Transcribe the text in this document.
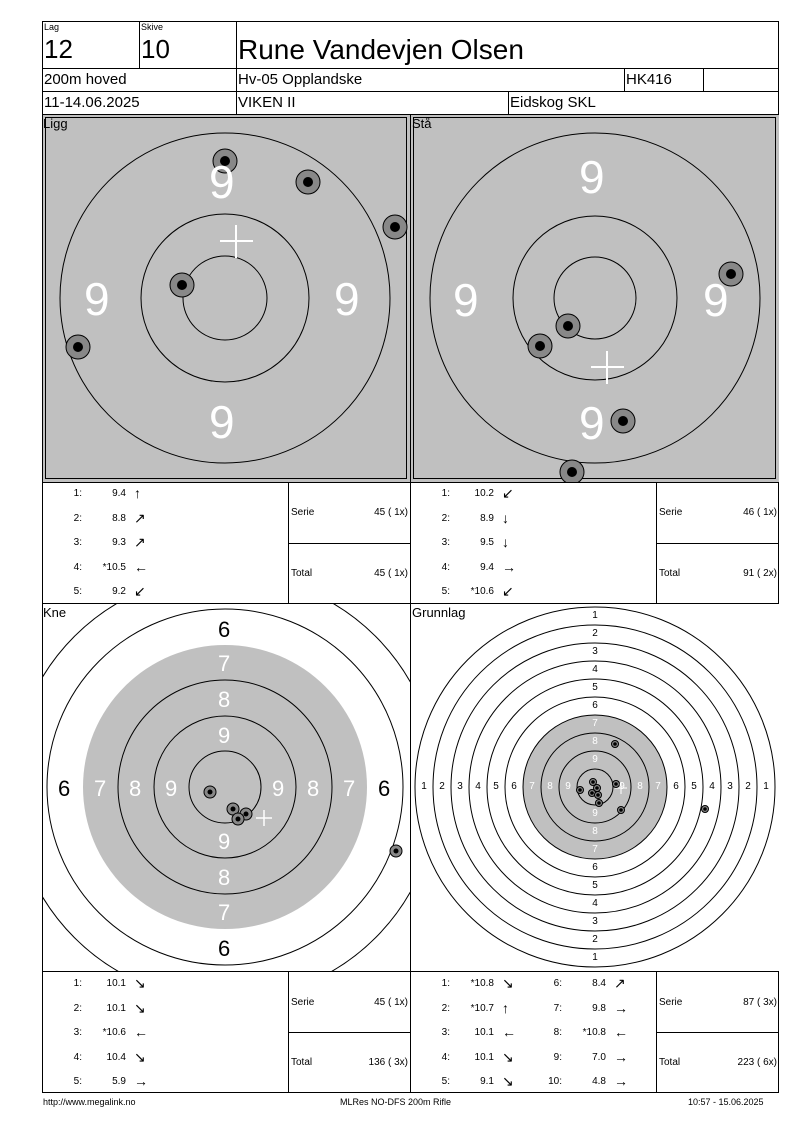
Lag
12
Skive
10 Rune Vandevjen Olsen
200m hoved	Hv-05 Opplandske	HK416
11-14.06.2025	VIKEN II	Eidskog SKL
Ligg
9
9	9
9
Stå
9
9	9
9
Kne
6
7
8
9
9
8
7
6
6 7 8 9	9 8 7 6
Grunnlag	1
1
1	1
2
2
2	2
3
3
3	3
4
4
4	4
5
5
5	5
6
6
6	6
7
7
7	7
8
8
8	8
9
9
9	9
1:	9.4 ↑
2:	8.8 ↗
3:	9.3 ↗
4:	*10.5 ←
5:	9.2 ↙
Serie	45 ( 1x)
Total	45 ( 1x)
1:	10.2 ↙
2:	8.9 ↓
3:	9.5 ↓
4:	9.4 →
5:	*10.6 ↙
Serie	46 ( 1x)
Total	91 ( 2x)
1:	10.1 ↘
2:	10.1 ↘
3:	*10.6 ←
4:	10.4 ↘
5:	5.9 →
Serie	45 ( 1x)
Total	136 ( 3x)
1:	*10.8 ↘
2:	*10.7 ↑
3:	10.1 ←
4:	10.1 ↘
5:	9.1 ↘
6:	8.4 ↗
7:	9.8 →
8:	*10.8 ←
9:	7.0 →
10:	4.8 →
Serie	87 ( 3x)
Total	223 ( 6x)
http://www.megalink.no	MLRes NO-DFS 200m Rifle	10:57 - 15.06.2025
